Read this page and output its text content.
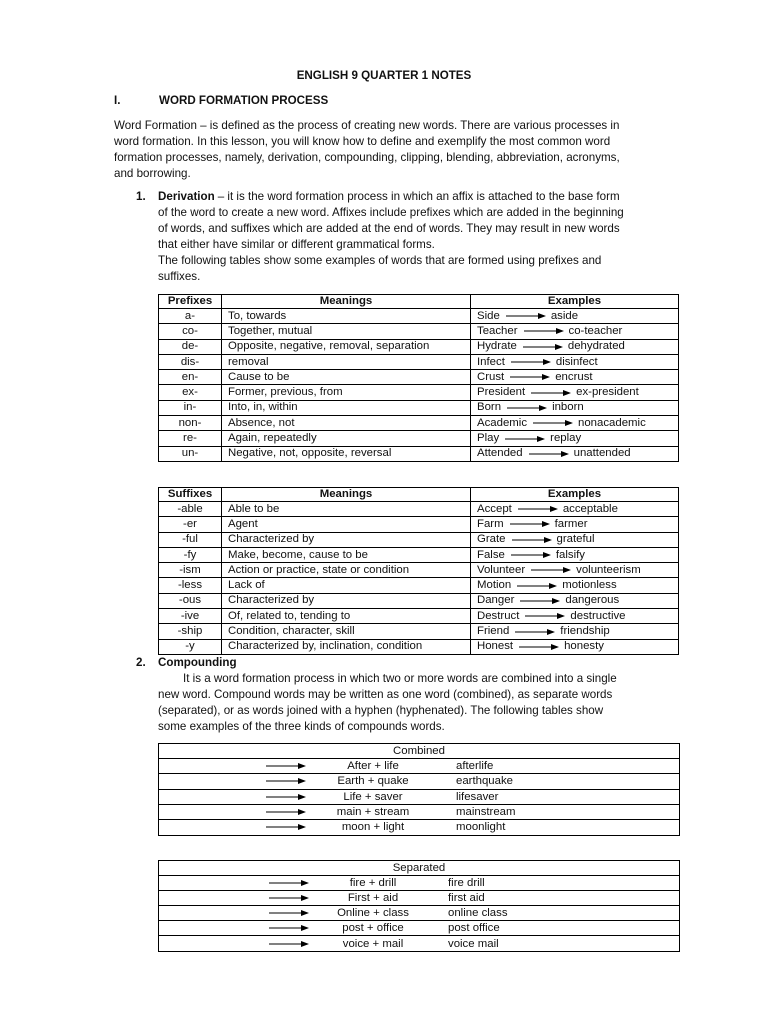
ENGLISH 9 QUARTER 1 NOTES
I.	WORD FORMATION PROCESS
Word Formation – is defined as the process of creating new words. There are various processes in
word formation. In this lesson, you will know how to define and exemplify the most common word
formation processes, namely, derivation, compounding, clipping, blending, abbreviation, acronyms,
and borrowing.
1. Derivation – it is the word formation process in which an affix is attached to the base form
of the word to create a new word. Affixes include prefixes which are added in the beginning
of words, and suffixes which are added at the end of words. They may result in new words
that either have similar or different grammatical forms.
The following tables show some examples of words that are formed using prefixes and
suffixes.
Prefixes	Meanings	Examples
a-	To, towards	Side aside

co-	Together, mutual	Teacher co-teacher

de-	Opposite, negative, removal, separation	Hydrate dehydrated

dis-	removal	Infect disinfect

en-	Cause to be	Crust encrust

ex-	Former, previous, from	President ex-president

in-	Into, in, within	Born inborn

non-	Absence, not	Academic nonacademic

re-	Again, repeatedly	Play replay

un-	Negative, not, opposite, reversal	Attended unattended
Suffixes	Meanings	Examples
-able	Able to be	Accept acceptable

-er	Agent	Farm farmer

-ful	Characterized by	Grate grateful

-fy	Make, become, cause to be	False falsify

-ism	Action or practice, state or condition	Volunteer volunteerism

-less	Lack of	Motion motionless

-ous	Characterized by	Danger dangerous

-ive	Of, related to, tending to	Destruct destructive

-ship	Condition, character, skill	Friend friendship

-y	Characterized by, inclination, condition	Honest honesty
2. Compounding
It is a word formation process in which two or more words are combined into a single
new word. Compound words may be written as one word (combined), as separate words
(separated), or as words joined with a hyphen (hyphenated). The following tables show
some examples of the three kinds of compounds words.
Combined
After + life	afterlife
Earth + quake	earthquake
Life + saver	lifesaver
main + stream	mainstream
moon + light	moonlight
Separated
fire + drill	fire drill
First + aid	first aid
Online + class	online class
post + office	post office
voice + mail	voice mail
